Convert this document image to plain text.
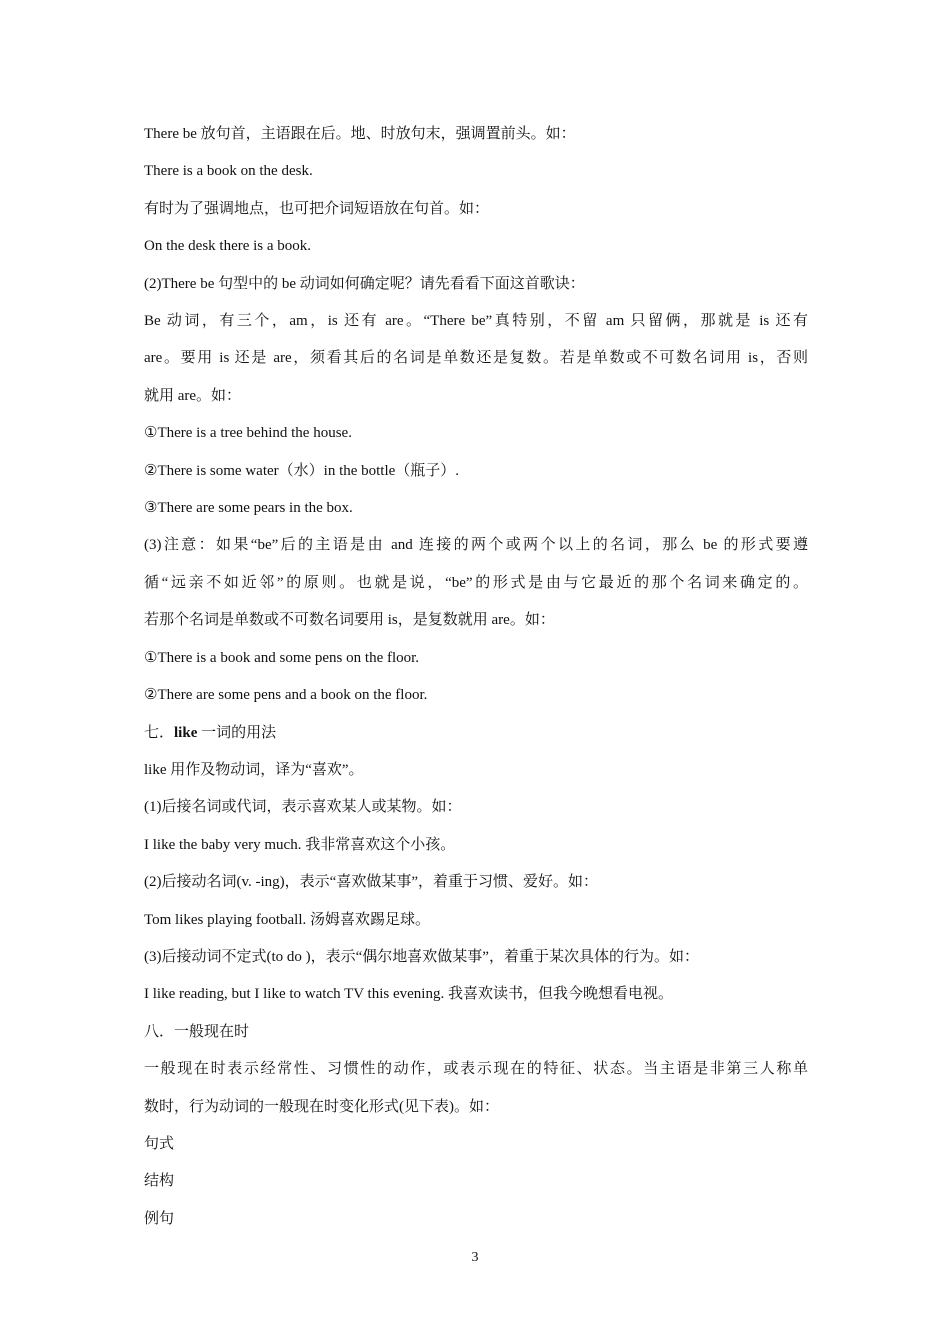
There be 放句首，主语跟在后。地、时放句末，强调置前头。如：
There is a book on the desk.
有时为了强调地点，也可把介词短语放在句首。如：
On the desk there is a book.
(2)There be 句型中的 be 动词如何确定呢？请先看看下面这首歌诀：
Be 动词，有三个，am，is 还有 are。“There be”真特别，不留 am 只留俩，那就是 is 还有
are。要用 is 还是 are，须看其后的名词是单数还是复数。若是单数或不可数名词用 is，否则
就用 are。如：
①There is a tree behind the house.
②There is some water（水）in the bottle（瓶子）.
③There are some pears in the box.
(3)注意：如果“be”后的主语是由 and 连接的两个或两个以上的名词，那么 be 的形式要遵
循“远亲不如近邻”的原则。也就是说，“be”的形式是由与它最近的那个名词来确定的。
若那个名词是单数或不可数名词要用 is，是复数就用 are。如：
①There is a book and some pens on the floor.
②There are some pens and a book on the floor.
七．like 一词的用法
like 用作及物动词，译为“喜欢”。
(1)后接名词或代词，表示喜欢某人或某物。如：
I like the baby very much. 我非常喜欢这个小孩。
(2)后接动名词(v. -ing)，表示“喜欢做某事”，着重于习惯、爱好。如：
Tom likes playing football. 汤姆喜欢踢足球。
(3)后接动词不定式(to do )，表示“偶尔地喜欢做某事”，着重于某次具体的行为。如：
I like reading, but I like to watch TV this evening. 我喜欢读书，但我今晚想看电视。
八．一般现在时
一般现在时表示经常性、习惯性的动作，或表示现在的特征、状态。当主语是非第三人称单
数时，行为动词的一般现在时变化形式(见下表)。如：
句式
结构
例句
3
